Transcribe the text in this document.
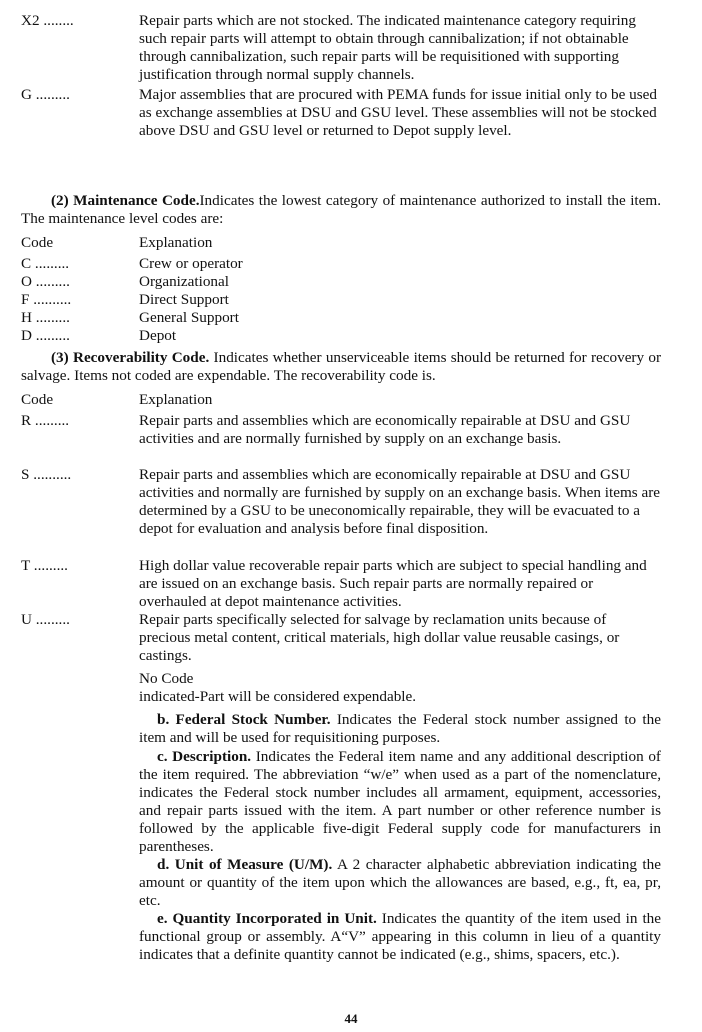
X2 ........	Repair parts which are not stocked. The indicated maintenance category requiring such repair parts will attempt to obtain through cannibalization; if not obtainable through cannibalization, such repair parts will be requisitioned with supporting justification through normal supply channels.
G .........	Major assemblies that are procured with PEMA funds for issue initial only to be used as exchange assemblies at DSU and GSU level. These assemblies will not be stocked above DSU and GSU level or returned to Depot supply level.
(2) Maintenance Code.Indicates the lowest category of maintenance authorized to install the item. The maintenance level codes are:
Code	Explanation
C .........	Crew or operator
O .........	Organizational
F ..........	Direct Support
H .........	General Support
D .........	Depot
(3) Recoverability Code. Indicates whether unserviceable items should be returned for recovery or salvage. Items not coded are expendable. The recoverability code is.
Code	Explanation
R .........	Repair parts and assemblies which are economically repairable at DSU and GSU activities and are normally furnished by supply on an exchange basis.
S ..........	Repair parts and assemblies which are economically repairable at DSU and GSU activities and normally are furnished by supply on an exchange basis. When items are determined by a GSU to be uneconomically repairable, they will be evacuated to a depot for evaluation and analysis before final disposition.
T .........	High dollar value recoverable repair parts which are subject to special handling and are issued on an exchange basis. Such repair parts are normally repaired or overhauled at depot maintenance activities.
U .........	Repair parts specifically selected for salvage by reclamation units because of precious metal content, critical materials, high dollar value reusable casings, or castings.
No Code
indicated-Part will be considered expendable.
b. Federal Stock Number. Indicates the Federal stock number assigned to the item and will be used for requisitioning purposes.
c. Description. Indicates the Federal item name and any additional description of the item required. The abbreviation “w/e” when used as a part of the nomenclature, indicates the Federal stock number includes all armament, equipment, accessories, and repair parts issued with the item. A part number or other reference number is followed by the applicable five-digit Federal supply code for manufacturers in parentheses.
d. Unit of Measure (U/M). A 2 character alphabetic abbreviation indicating the amount or quantity of the item upon which the allowances are based, e.g., ft, ea, pr, etc.
e. Quantity Incorporated in Unit. Indicates the quantity of the item used in the functional group or assembly. A“V” appearing in this column in lieu of a quantity indicates that a definite quantity cannot be indicated (e.g., shims, spacers, etc.).
44
